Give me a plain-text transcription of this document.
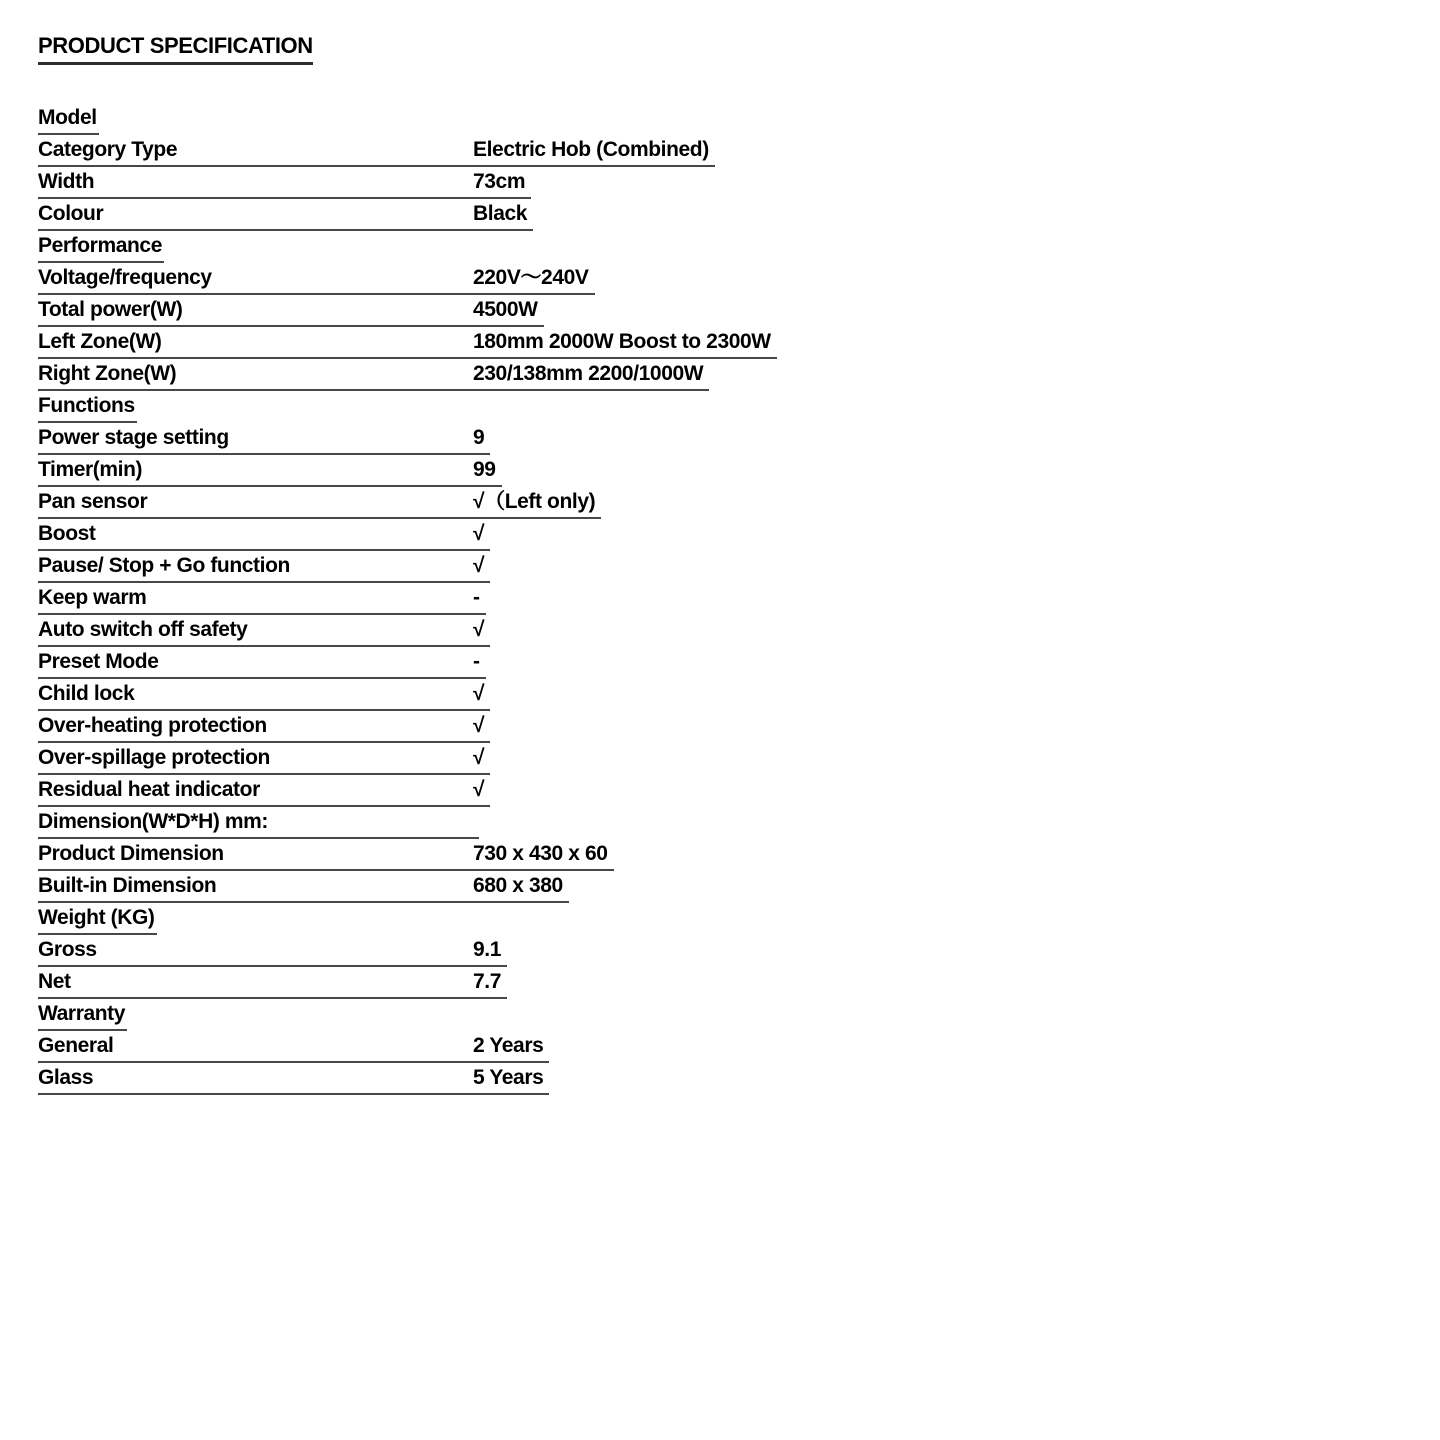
PRODUCT SPECIFICATION
Model
Category Type	Electric Hob (Combined)
Width	73cm
Colour	Black
Performance
Voltage/frequency	220V～240V
Total power(W)	4500W
Left Zone(W)	180mm 2000W Boost to 2300W
Right Zone(W)	230/138mm 2200/1000W
Functions
Power stage setting	9
Timer(min)	99
Pan sensor	√（Left only)
Boost	√
Pause/ Stop + Go function	√
Keep warm	-
Auto switch off safety	√
Preset Mode	-
Child lock	√
Over-heating protection	√
Over-spillage protection	√
Residual heat indicator	√
Dimension(W*D*H) mm:
Product Dimension	730 x 430 x 60
Built-in Dimension	680 x 380
Weight (KG)
Gross	9.1
Net	7.7
Warranty
General	2 Years
Glass	5 Years
